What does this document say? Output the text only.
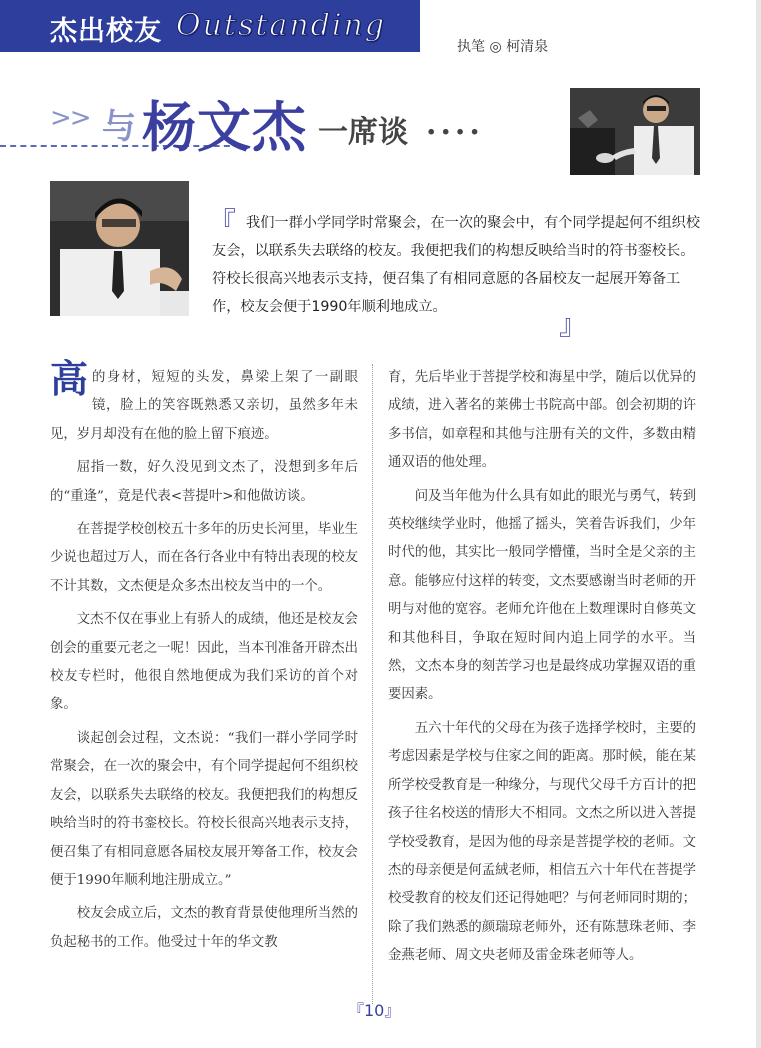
杰出校友 Outstanding
执笔 ◎ 柯清泉
>> 与 杨文杰 一席谈 ....
『 我们一群小学同学时常聚会，在一次的聚会中，有个同学提起何不组织校友会，以联系失去联络的校友。我便把我们的构想反映给当时的符书銮校长。符校长很高兴地表示支持，便召集了有相同意愿的各届校友一起展开筹备工作，校友会便于1990年顺利地成立。
』

高的身材，短短的头发，鼻梁上架了一副眼镜，脸上的笑容既熟悉又亲切，虽然多年未见，岁月却没有在他的脸上留下痕迹。

屈指一数，好久没见到文杰了，没想到多年后的“重逢”，竟是代表<菩提叶>和他做访谈。

在菩提学校创校五十多年的历史长河里，毕业生少说也超过万人，而在各行各业中有特出表现的校友不计其数，文杰便是众多杰出校友当中的一个。

文杰不仅在事业上有骄人的成绩，他还是校友会创会的重要元老之一呢！因此，当本刊准备开辟杰出校友专栏时，他很自然地便成为我们采访的首个对象。

谈起创会过程，文杰说：“我们一群小学同学时常聚会，在一次的聚会中，有个同学提起何不组织校友会，以联系失去联络的校友。我便把我们的构想反映给当时的符书銮校长。符校长很高兴地表示支持，便召集了有相同意愿各届校友展开筹备工作，校友会便于1990年顺利地注册成立。”

校友会成立后，文杰的教育背景使他理所当然的负起秘书的工作。他受过十年的华文教

育，先后毕业于菩提学校和海星中学，随后以优异的成绩，进入著名的莱佛士书院高中部。创会初期的许多书信，如章程和其他与注册有关的文件，多数由精通双语的他处理。

问及当年他为什么具有如此的眼光与勇气，转到英校继续学业时，他摇了摇头，笑着告诉我们，少年时代的他，其实比一般同学懵懂，当时全是父亲的主意。能够应付这样的转变，文杰要感谢当时老师的开明与对他的宽容。老师允许他在上数理课时自修英文和其他科目，争取在短时间内追上同学的水平。当然，文杰本身的刻苦学习也是最终成功掌握双语的重要因素。

五六十年代的父母在为孩子选择学校时，主要的考虑因素是学校与住家之间的距离。那时候，能在某所学校受教育是一种缘分，与现代父母千方百计的把孩子往名校送的情形大不相同。文杰之所以进入菩提学校受教育，是因为他的母亲是菩提学校的老师。文杰的母亲便是何孟絨老师，相信五六十年代在菩提学校受教育的校友们还记得她吧？与何老师同时期的；除了我们熟悉的颜瑞琼老师外，还有陈慧珠老师、李金燕老师、周文央老师及雷金珠老师等人。

『10』
